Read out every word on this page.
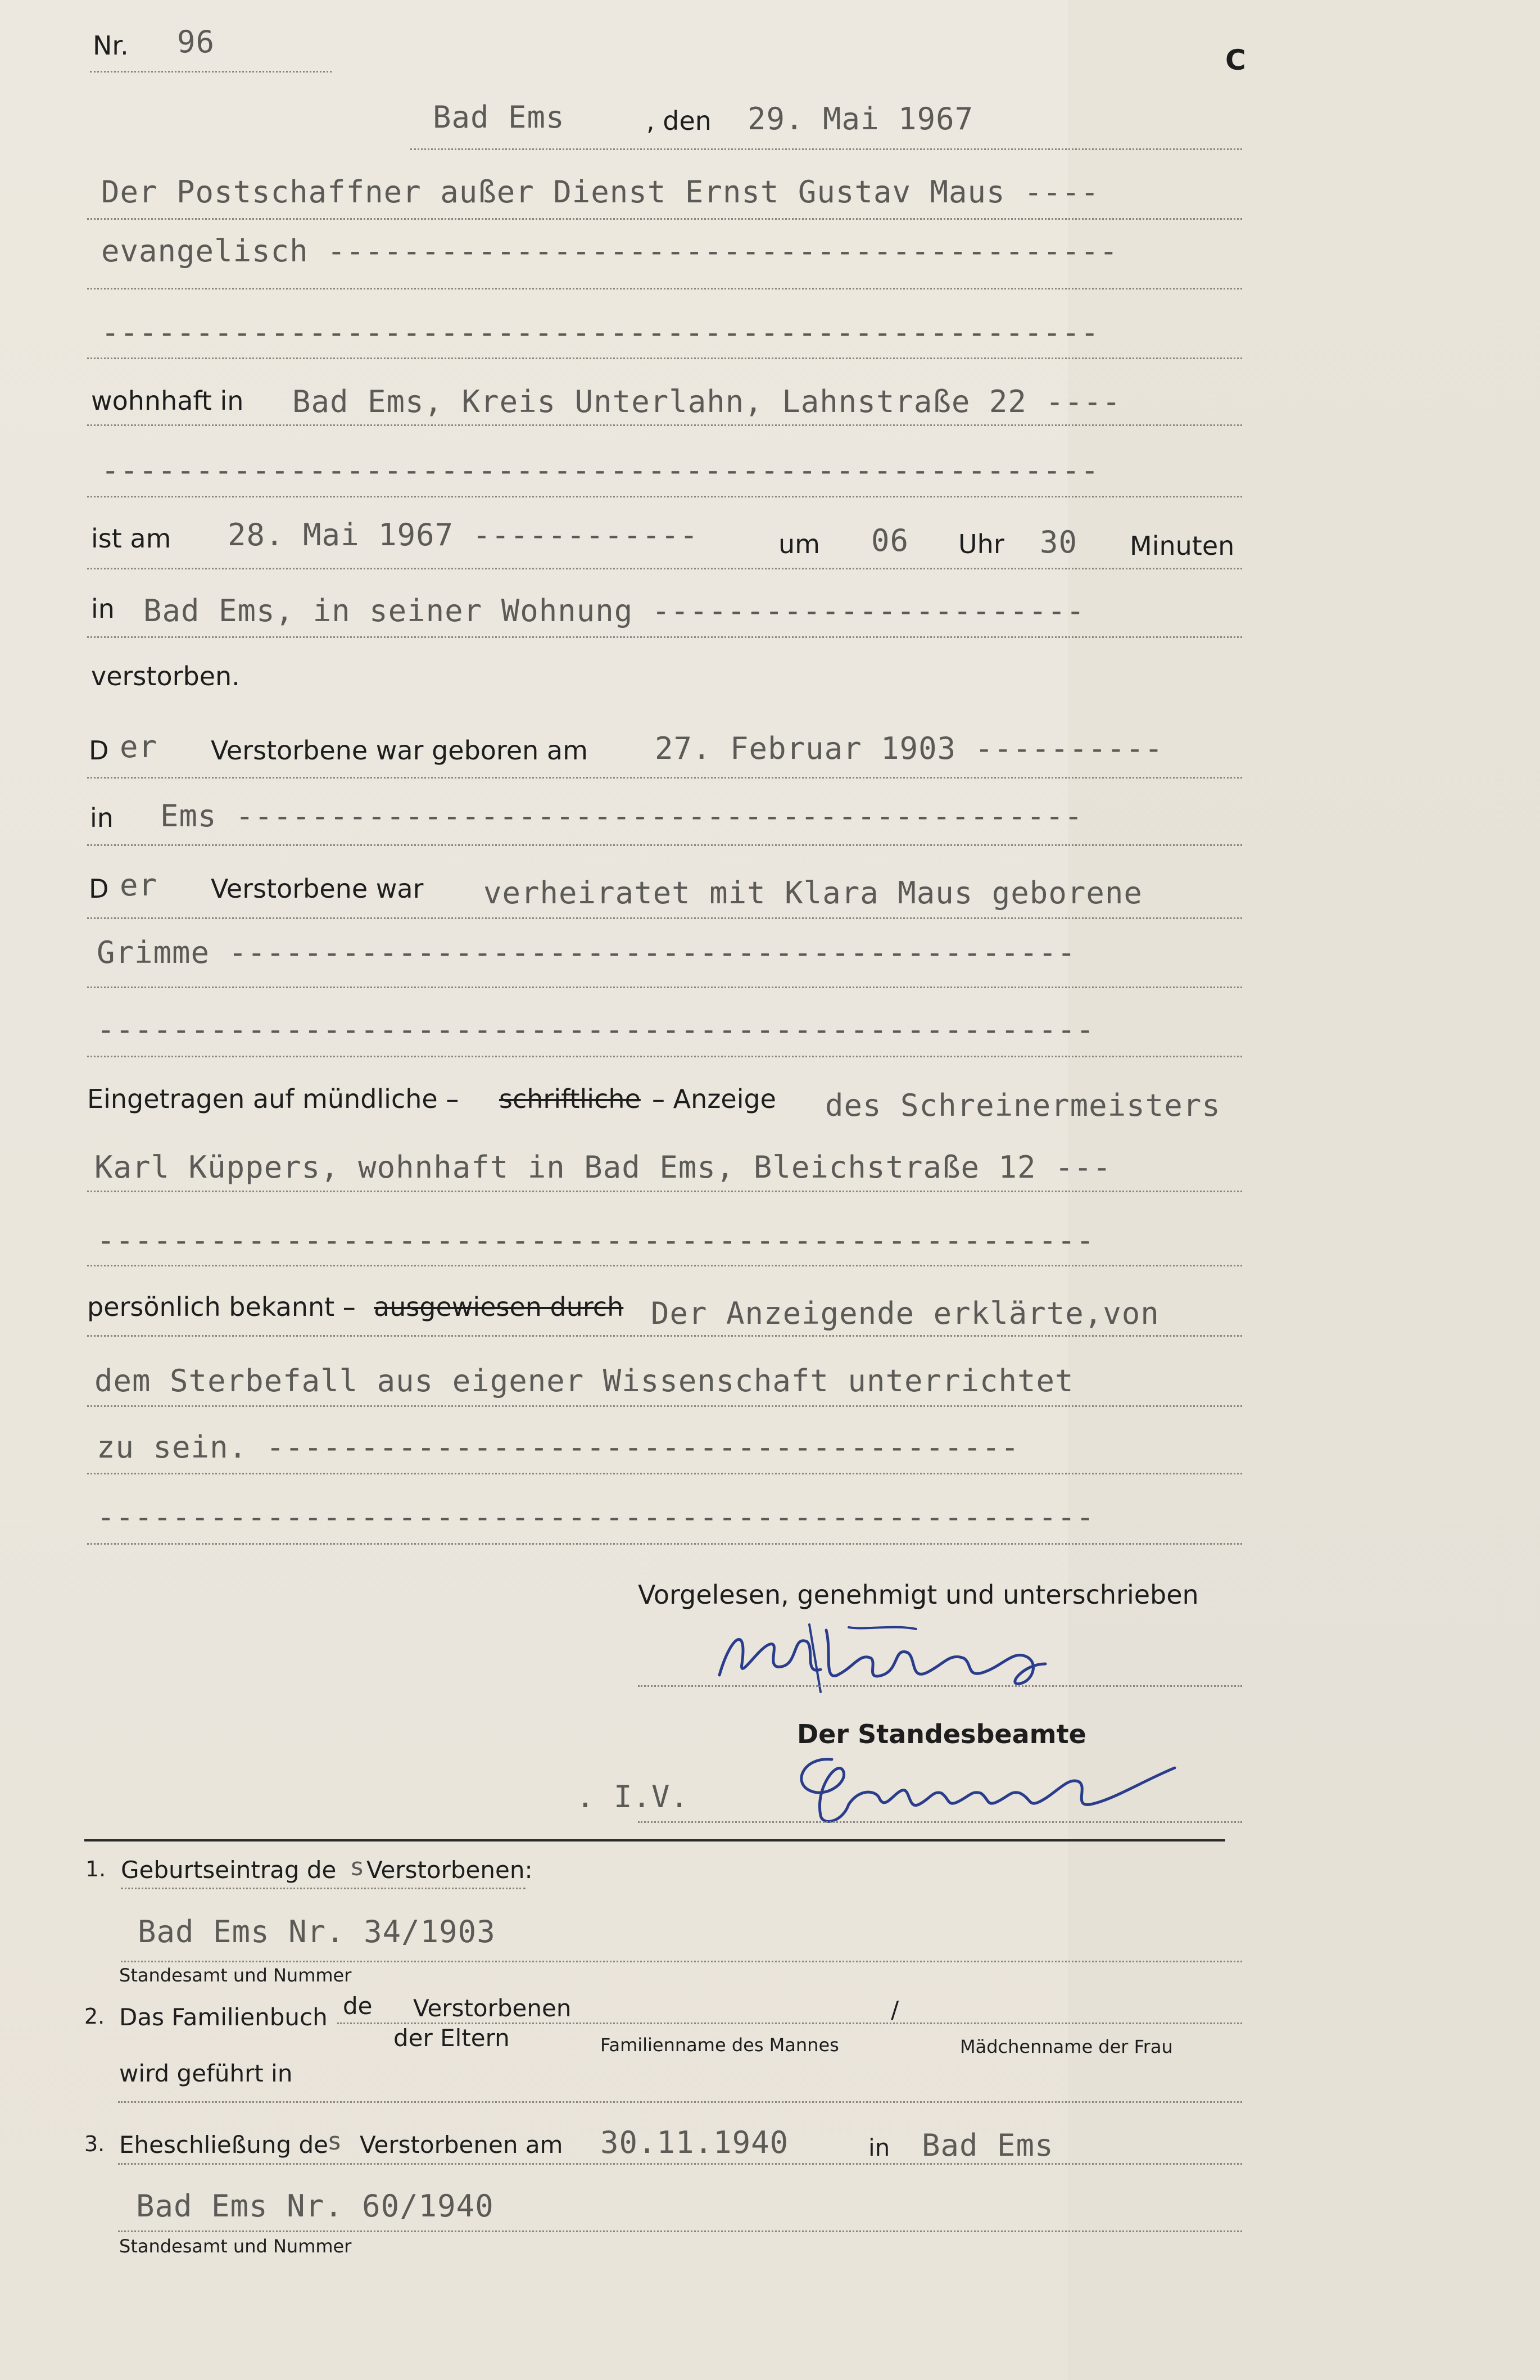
Nr. 96
C
Bad Ems	, den 29. Mai 1967
Der Postschaffner außer Dienst Ernst Gustav Maus ----
evangelisch ------------------------------------------
-----------------------------------------------------
wohnhaft in Bad Ems, Kreis Unterlahn, Lahnstraße 22 ----
-----------------------------------------------------
ist am 28. Mai 1967 ------------	um 06 Uhr 30 Minuten
in Bad Ems, in seiner Wohnung -----------------------
verstorben.
D er Verstorbene war geboren am 27. Februar 1903 ----------
in Ems ---------------------------------------------
D er Verstorbene war verheiratet mit Klara Maus geborene
Grimme ---------------------------------------------
-----------------------------------------------------
Eingetragen auf mündliche – schriftliche – Anzeige des Schreinermeisters
Karl Küppers, wohnhaft in Bad Ems, Bleichstraße 12 ---
-----------------------------------------------------
persönlich bekannt – ausgewiesen durch Der Anzeigende erklärte,von
dem Sterbefall aus eigener Wissenschaft unterrichtet
zu sein. ----------------------------------------
-----------------------------------------------------
Vorgelesen, genehmigt und unterschrieben
Der Standesbeamte
. I.V.
1. Geburtseintrag de s Verstorbenen:
Bad Ems Nr. 34/1903
Standesamt und Nummer
2. Das Familienbuch de Verstorbenen
der Eltern
/
Familienname des Mannes	Mädchenname der Frau
wird geführt in
3. Eheschließung de
s Verstorbenen am 30.11.1940	in Bad Ems
Bad Ems Nr. 60/1940
Standesamt und Nummer
